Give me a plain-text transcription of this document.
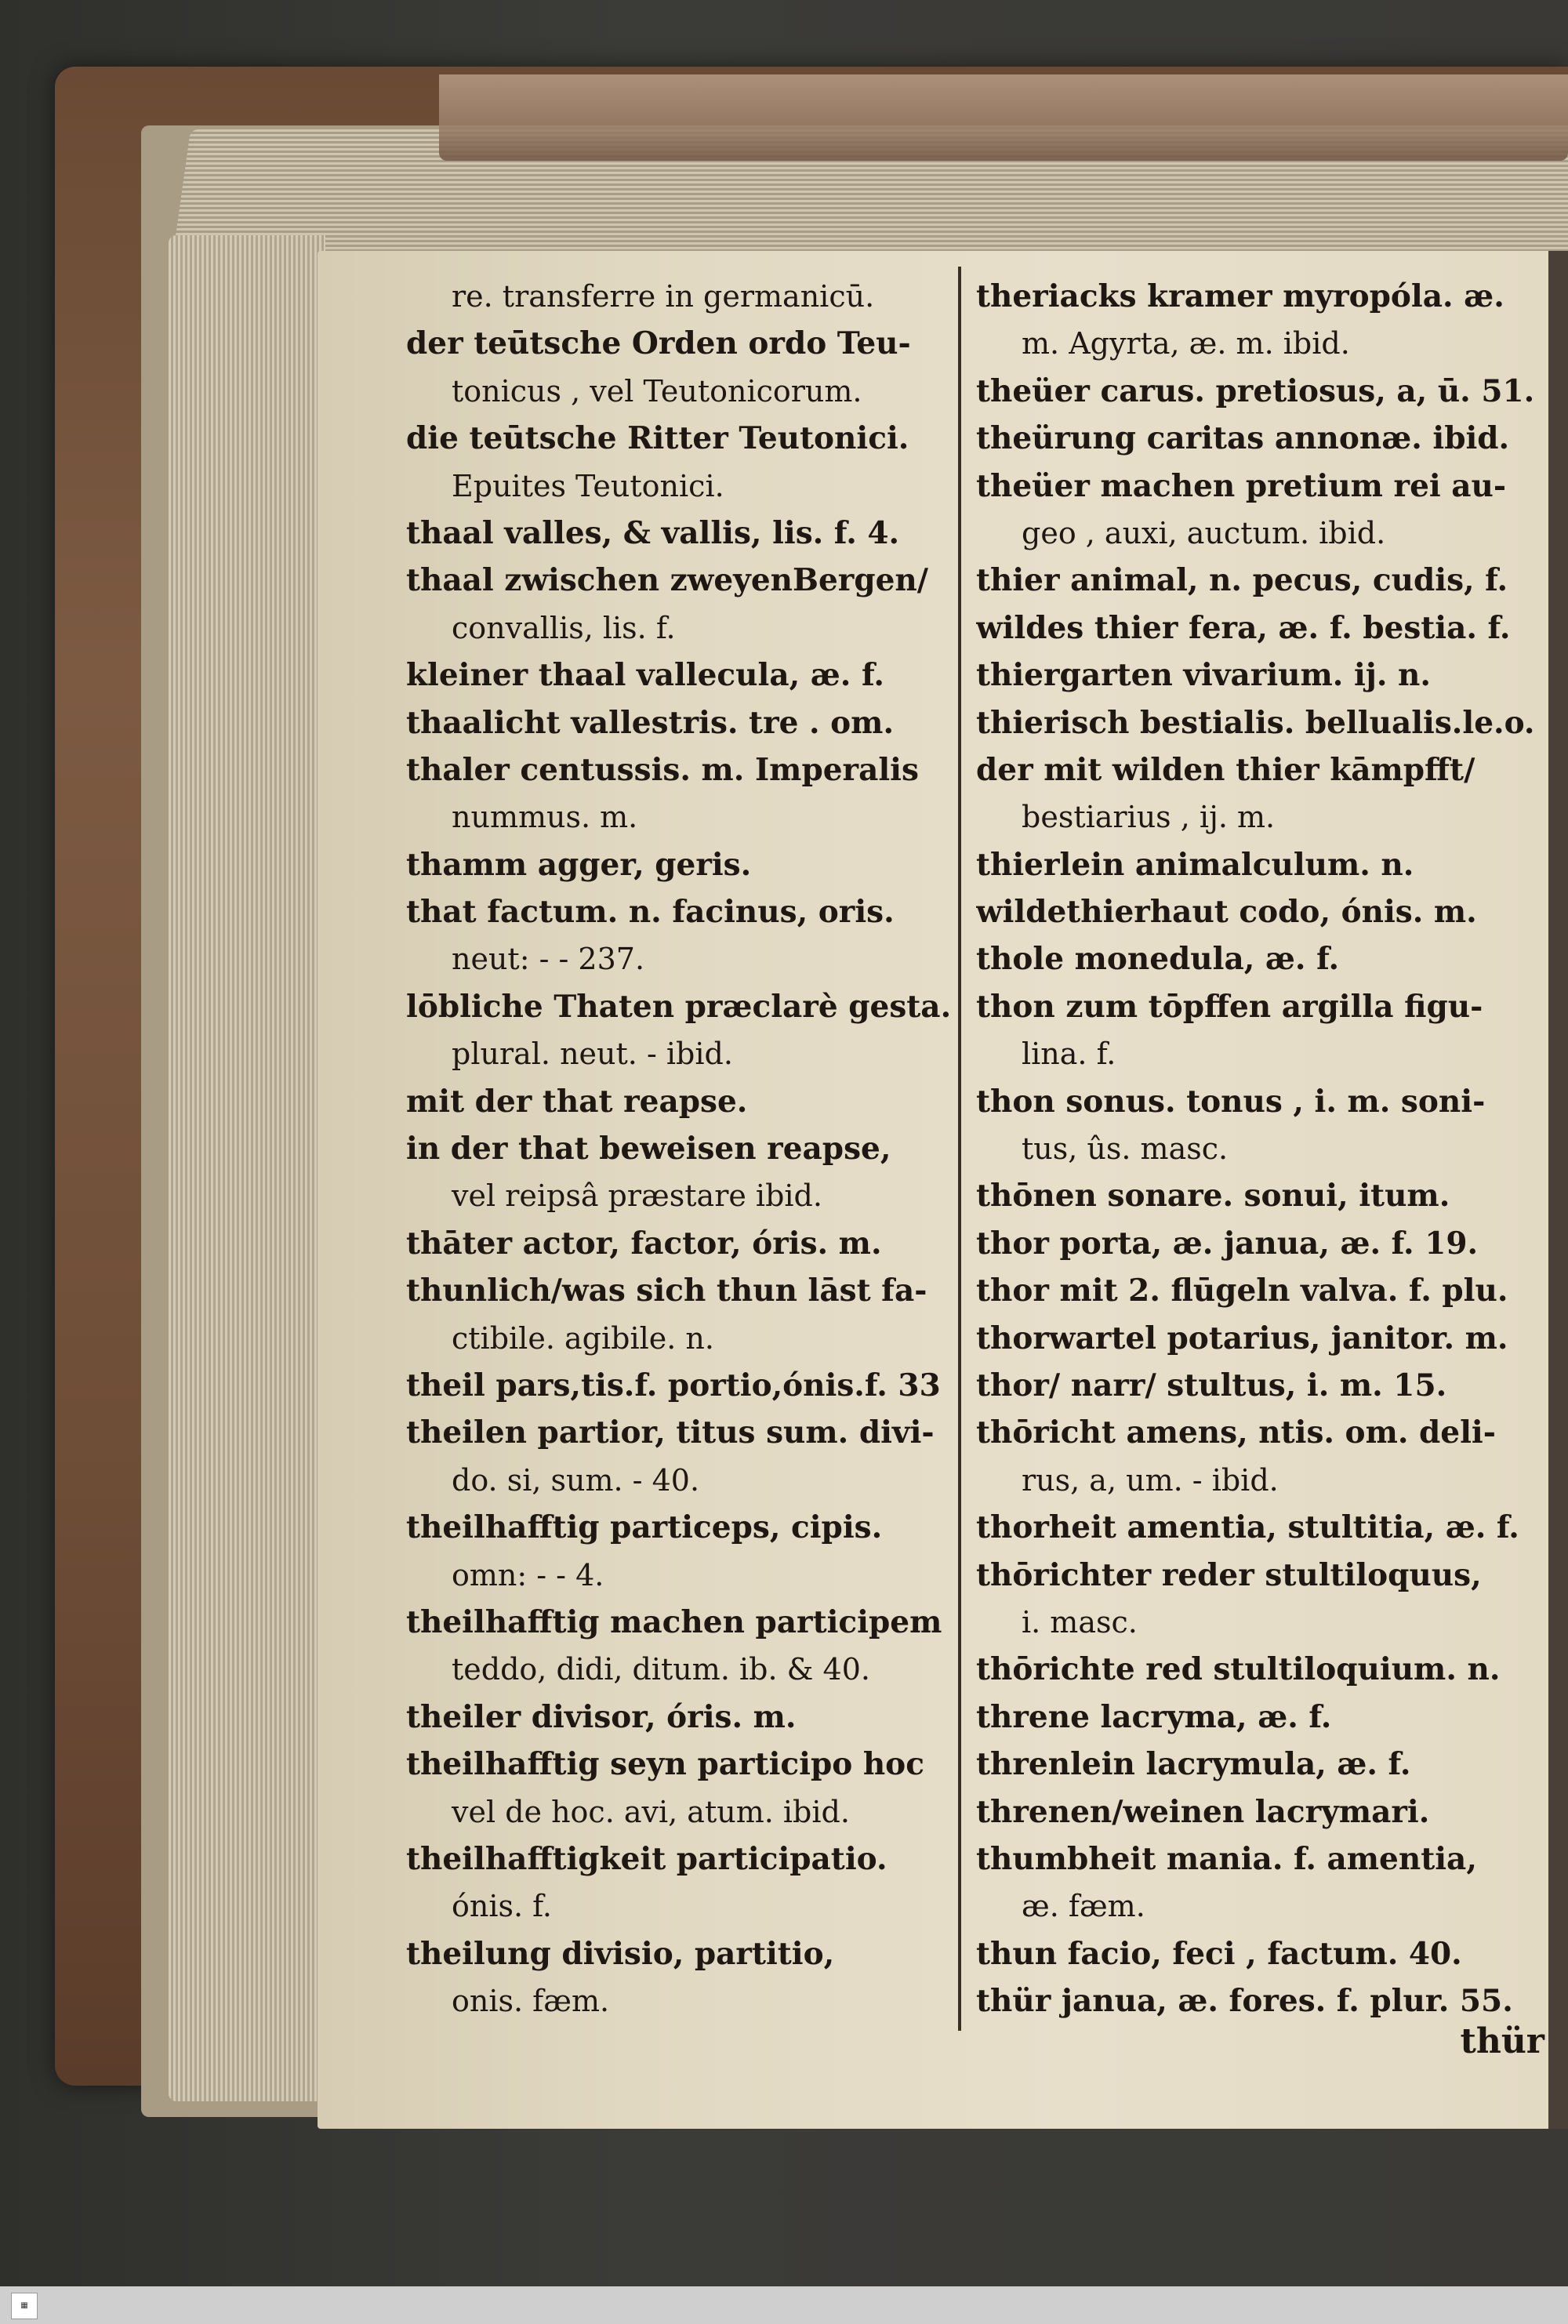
re. transferre in germanicū.
der teūtsche Orden ordo Teu-
tonicus , vel Teutonicorum.
die teūtsche Ritter Teutonici.
Epuites Teutonici.
thaal valles, & vallis, lis. f. 4.
thaal zwischen zweyenBergen/
convallis, lis. f.
kleiner thaal vallecula, æ. f.
thaalicht vallestris. tre . om.
thaler centussis. m. Imperalis
nummus. m.
thamm agger, geris.
that factum. n. facinus, oris.
neut: - - 237.
lōbliche Thaten præclarè gesta.
plural. neut. - ibid.
mit der that reapse.
in der that beweisen reapse,
vel reipsâ præstare ibid.
thāter actor, factor, óris. m.
thunlich/was sich thun lāst fa-
ctibile. agibile. n.
theil pars,tis.f. portio,ónis.f. 33
theilen partior, titus sum. divi-
do. si, sum. - 40.
theilhafftig particeps, cipis.
omn: - - 4.
theilhafftig machen participem
teddo, didi, ditum. ib. & 40.
theiler divisor, óris. m.
theilhafftig seyn participo hoc
vel de hoc. avi, atum. ibid.
theilhafftigkeit participatio.
ónis. f.
theilung divisio, partitio,
onis. fæm.
theriacks kramer myropóla. æ.
m. Agyrta, æ. m. ibid.
theüer carus. pretiosus, a, ū. 51.
theürung caritas annonæ. ibid.
theüer machen pretium rei au-
geo , auxi, auctum. ibid.
thier animal, n. pecus, cudis, f.
wildes thier fera, æ. f. bestia. f.
thiergarten vivarium. ij. n.
thierisch bestialis. bellualis.le.o.
der mit wilden thier kāmpfft/
bestiarius , ij. m.
thierlein animalculum. n.
wildethierhaut codo, ónis. m.
thole monedula, æ. f.
thon zum tōpffen argilla figu-
lina. f.
thon sonus. tonus , i. m. soni-
tus, ûs. masc.
thōnen sonare. sonui, itum.
thor porta, æ. janua, æ. f. 19.
thor mit 2. flūgeln valva. f. plu.
thorwartel potarius, janitor. m.
thor/ narr/ stultus, i. m. 15.
thōricht amens, ntis. om. deli-
rus, a, um. - ibid.
thorheit amentia, stultitia, æ. f.
thōrichter reder stultiloquus,
i. masc.
thōrichte red stultiloquium. n.
threne lacryma, æ. f.
threnlein lacrymula, æ. f.
threnen/weinen lacrymari.
thumbheit mania. f. amentia,
æ. fæm.
thun facio, feci , factum. 40.
thür janua, æ. fores. f. plur. 55.
thür
▦
